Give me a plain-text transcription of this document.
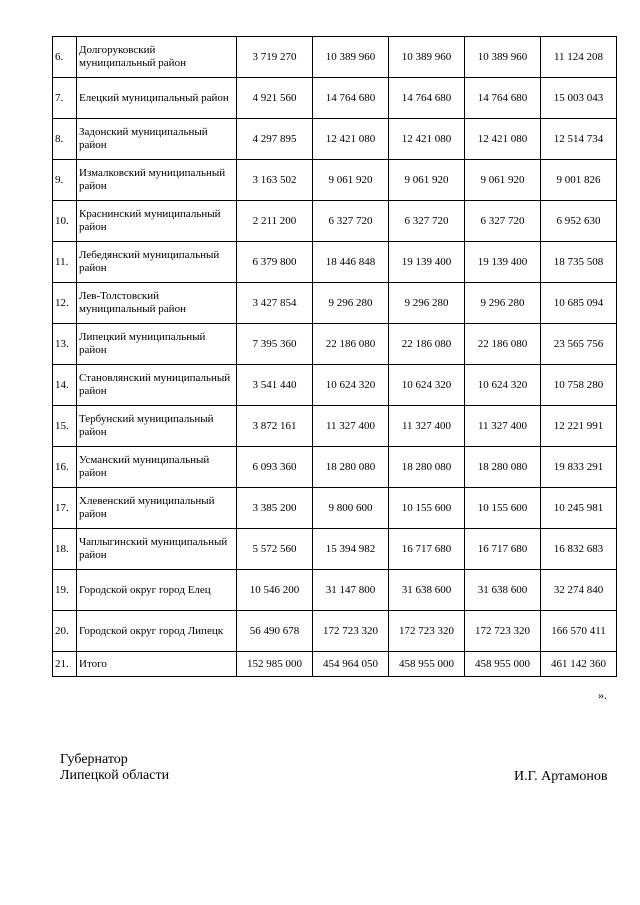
6.	Долгоруковский муниципальный район	3 719 270	10 389 960	10 389 960	10 389 960	11 124 208
7.	Елецкий муниципальный район	4 921 560	14 764 680	14 764 680	14 764 680	15 003 043
8.	Задонский муниципальный район	4 297 895	12 421 080	12 421 080	12 421 080	12 514 734
9.	Измалковский муниципальный район	3 163 502	9 061 920	9 061 920	9 061 920	9 001 826
10.	Краснинский муниципальный район	2 211 200	6 327 720	6 327 720	6 327 720	6 952 630
11.	Лебедянский муниципальный район	6 379 800	18 446 848	19 139 400	19 139 400	18 735 508
12.	Лев-Толстовский муниципальный район	3 427 854	9 296 280	9 296 280	9 296 280	10 685 094
13.	Липецкий муниципальный район	7 395 360	22 186 080	22 186 080	22 186 080	23 565 756
14.	Становлянский муниципальный район	3 541 440	10 624 320	10 624 320	10 624 320	10 758 280
15.	Тербунский муниципальный район	3 872 161	11 327 400	11 327 400	11 327 400	12 221 991
16.	Усманский муниципальный район	6 093 360	18 280 080	18 280 080	18 280 080	19 833 291
17.	Хлевенский муниципальный район	3 385 200	9 800 600	10 155 600	10 155 600	10 245 981
18.	Чаплыгинский муниципальный район	5 572 560	15 394 982	16 717 680	16 717 680	16 832 683
19.	Городской округ город Елец	10 546 200	31 147 800	31 638 600	31 638 600	32 274 840
20.	Городской округ город Липецк	56 490 678	172 723 320	172 723 320	172 723 320	166 570 411
21.	Итого	152 985 000	454 964 050	458 955 000	458 955 000	461 142 360
».
Губернатор
Липецкой области	И.Г. Артамонов
